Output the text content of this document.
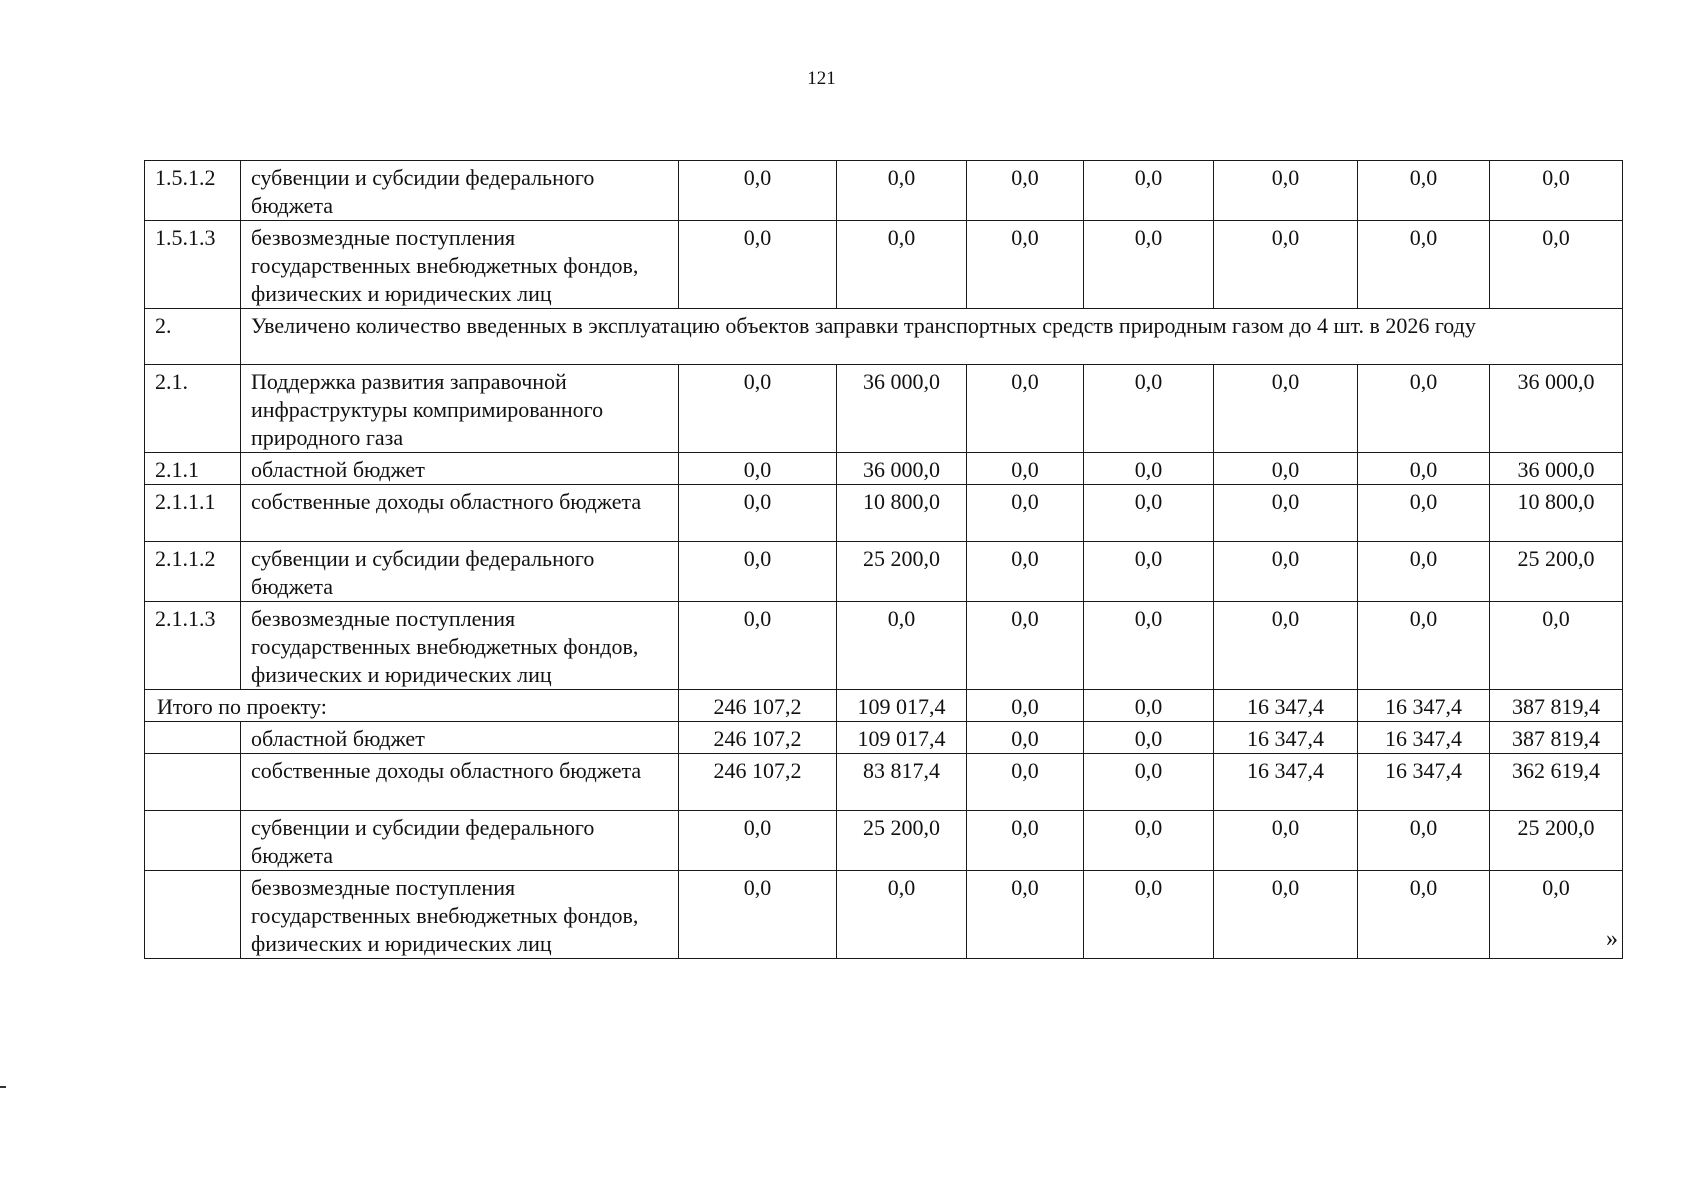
121
1.5.1.2	субвенции и субсидии федерального бюджета	0,0	0,0	0,0	0,0	0,0	0,0	0,0
1.5.1.3	безвозмездные поступления государственных внебюджетных фондов, физических и юридических лиц	0,0	0,0	0,0	0,0	0,0	0,0	0,0
2.	Увеличено количество введенных в эксплуатацию объектов заправки транспортных средств природным газом до 4 шт. в 2026 году							
2.1.	Поддержка развития заправочной инфраструктуры компримированного природного газа	0,0	36 000,0	0,0	0,0	0,0	0,0	36 000,0
2.1.1	областной бюджет	0,0	36 000,0	0,0	0,0	0,0	0,0	36 000,0
2.1.1.1	собственные доходы областного бюджета	0,0	10 800,0	0,0	0,0	0,0	0,0	10 800,0
2.1.1.2	субвенции и субсидии федерального бюджета	0,0	25 200,0	0,0	0,0	0,0	0,0	25 200,0
2.1.1.3	безвозмездные поступления государственных внебюджетных фондов, физических и юридических лиц	0,0	0,0	0,0	0,0	0,0	0,0	0,0
Итого по проекту:		246 107,2	109 017,4	0,0	0,0	16 347,4	16 347,4	387 819,4
	областной бюджет	246 107,2	109 017,4	0,0	0,0	16 347,4	16 347,4	387 819,4
	собственные доходы областного бюджета	246 107,2	83 817,4	0,0	0,0	16 347,4	16 347,4	362 619,4
	субвенции и субсидии федерального бюджета	0,0	25 200,0	0,0	0,0	0,0	0,0	25 200,0
	безвозмездные поступления государственных внебюджетных фондов, физических и юридических лиц	0,0	0,0	0,0	0,0	0,0	0,0	0,0
»
